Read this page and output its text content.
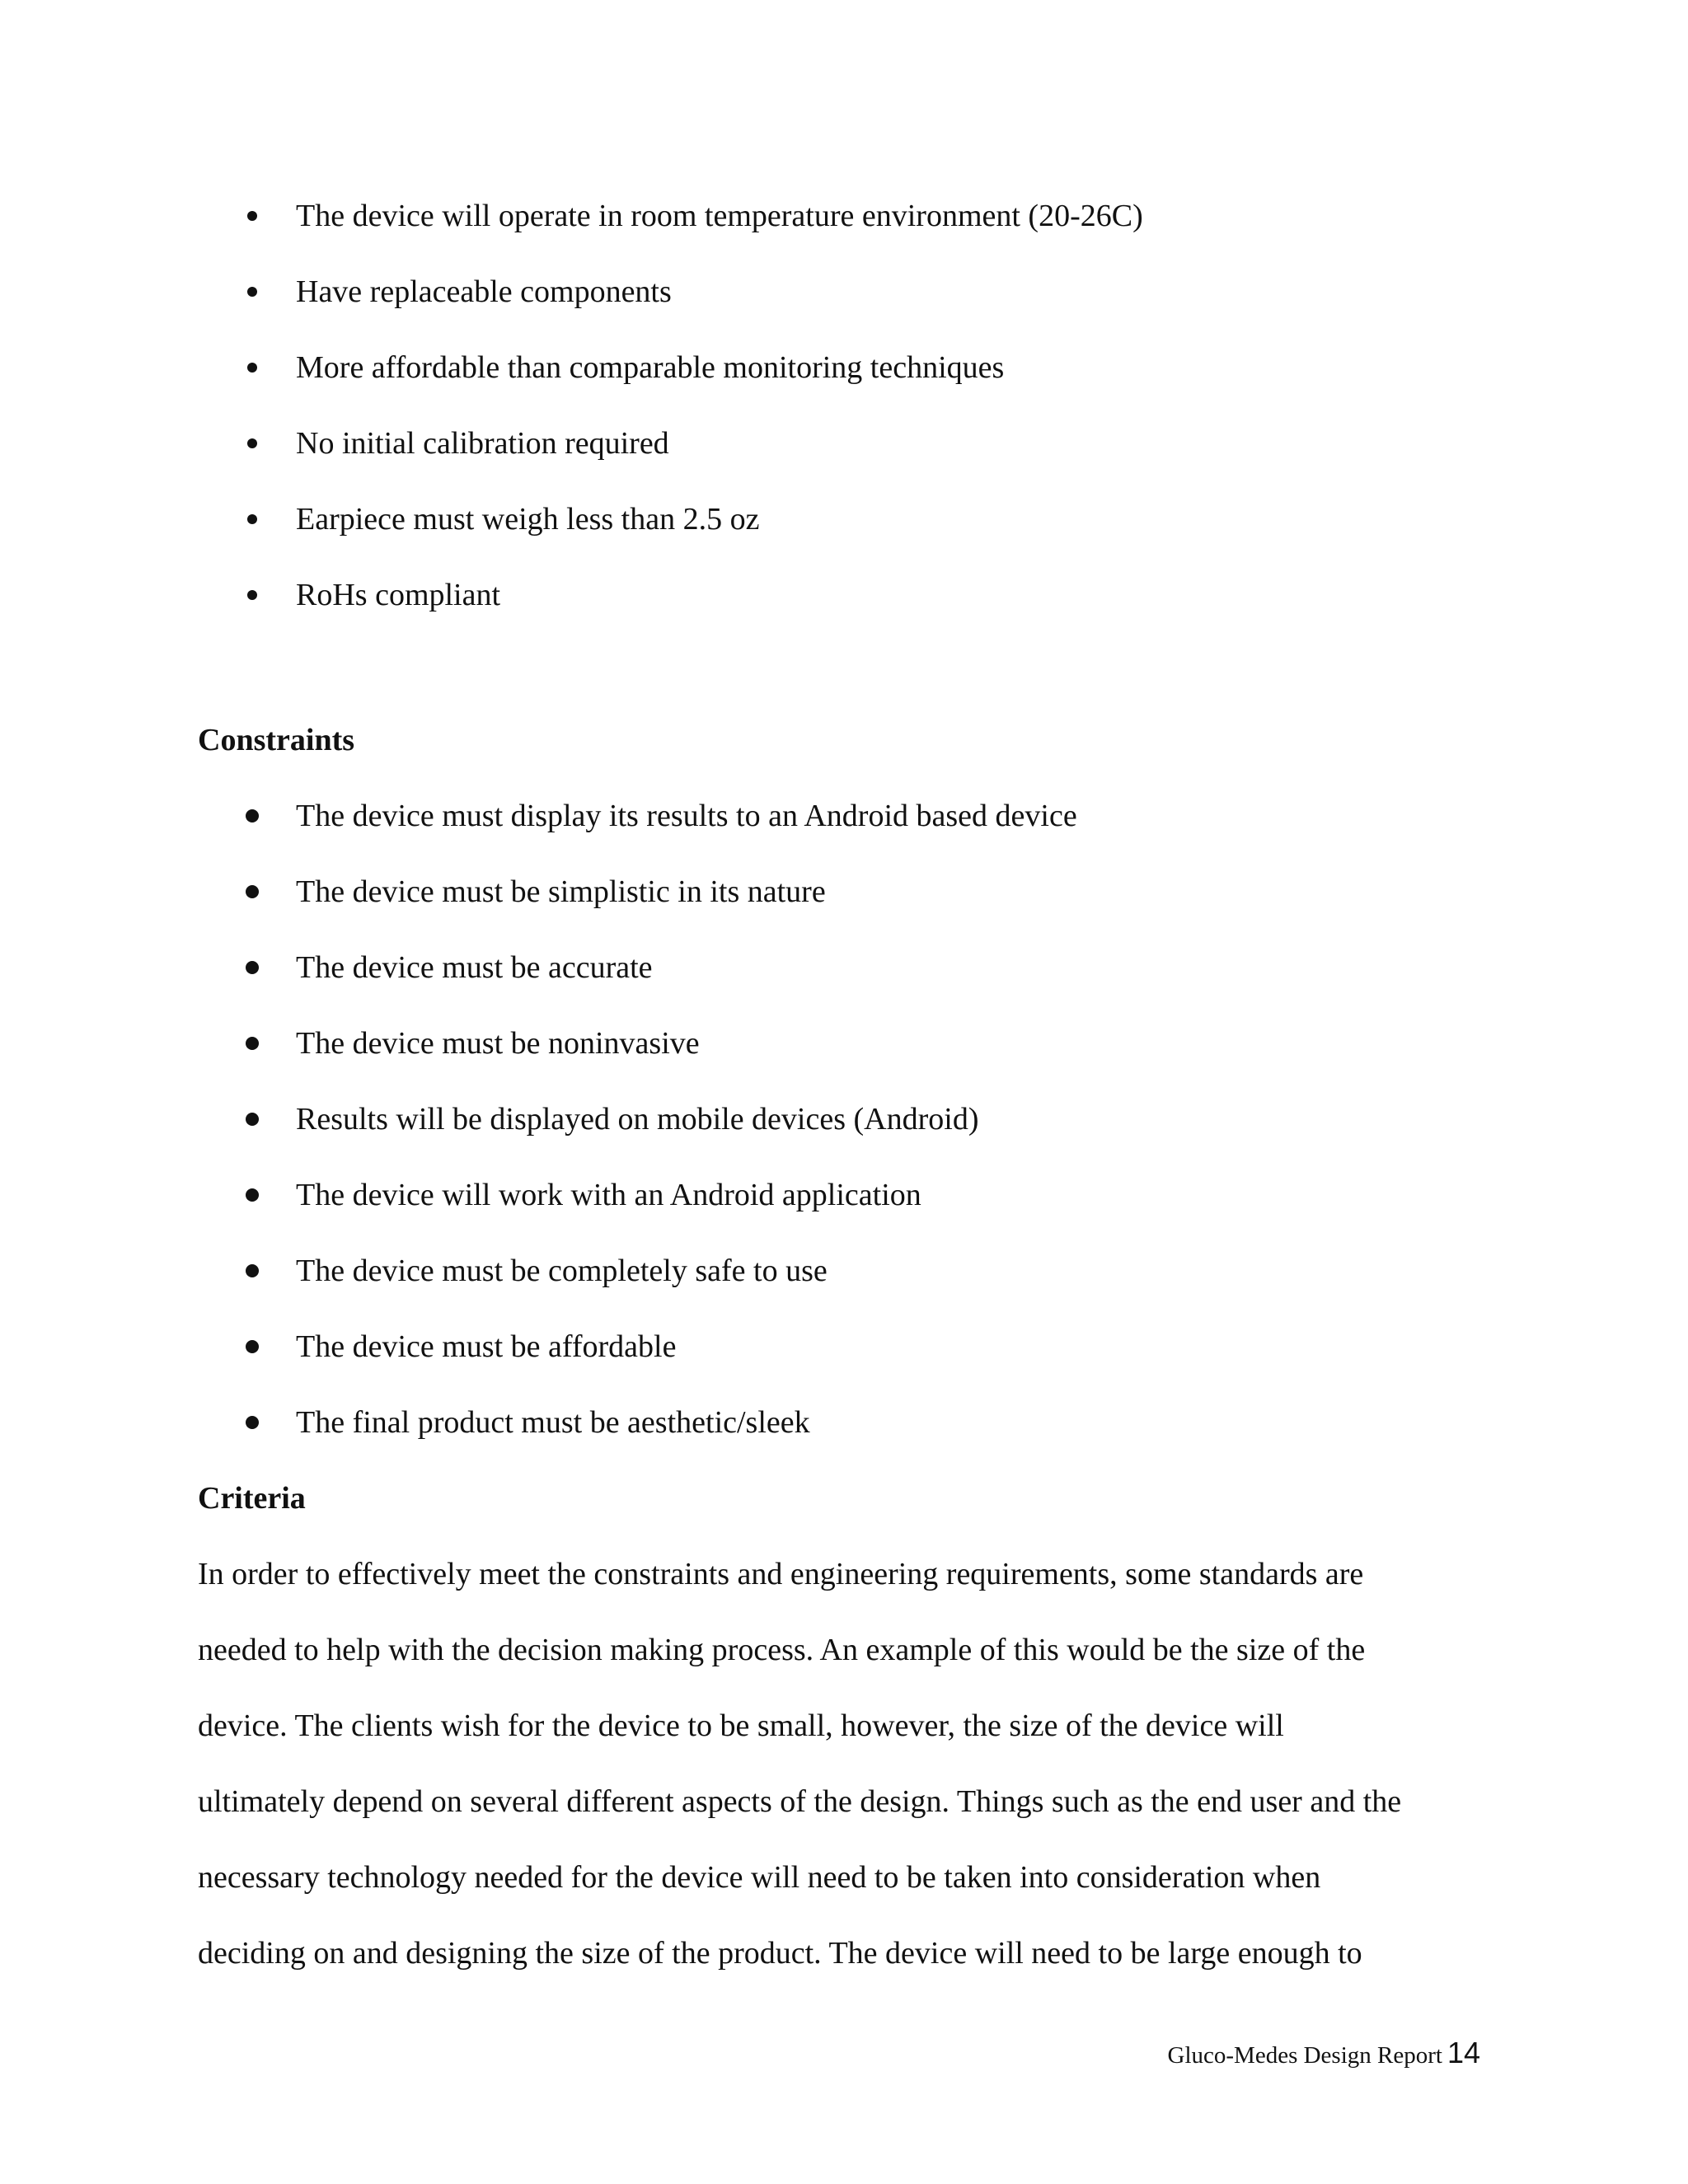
The device will operate in room temperature environment (20-26C)
Have replaceable components
More affordable than comparable monitoring techniques
No initial calibration required
Earpiece must weigh less than 2.5 oz
RoHs compliant
Constraints
The device must display its results to an Android based device
The device must be simplistic in its nature
The device must be accurate
The device must be noninvasive
Results will be displayed on mobile devices (Android)
The device will work with an Android application
The device must be completely safe to use
The device must be affordable
The final product must be aesthetic/sleek
Criteria
In order to effectively meet the constraints and engineering requirements, some standards are
needed to help with the decision making process. An example of this would be the size of the
device. The clients wish for the device to be small, however, the size of the device will
ultimately depend on several different aspects of the design. Things such as the end user and the
necessary technology needed for the device will need to be taken into consideration when
deciding on and designing the size of the product. The device will need to be large enough to
Gluco-Medes Design Report 14
